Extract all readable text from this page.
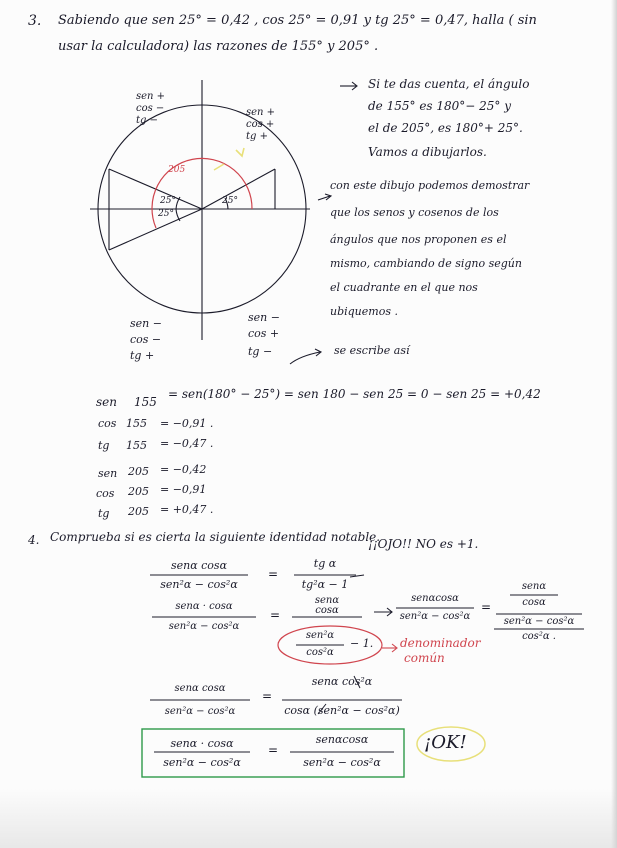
3. Sabiendo que sen 25° = 0,42 , cos 25° = 0,91 y tg 25° = 0,47, halla ( sin
usar la calculadora) las razones de 155° y 205° .
sen +
cos −
tg −
sen +
cos +
tg +
sen −
cos −
tg +
sen −
cos +
tg −
205
25°
25°
25°
Si te das cuenta, el ángulo
de 155° es 180°− 25° y
el de 205°, es 180°+ 25°.
Vamos a dibujarlos.
con este dibujo podemos demostrar
que los senos y cosenos de los
ángulos que nos proponen es el
mismo, cambiando de signo según
el cuadrante en el que nos
ubiquemos .
se escribe así
sen 155
= sen(180° − 25°) = sen 180 − sen 25 = 0 − sen 25 = +0,42
cos 155 = −0,91 .
tg 155 = −0,47 .
sen 205 = −0,42
cos 205 = −0,91
tg 205 = +0,47 .
4. Comprueba si es cierta la siguiente identidad notable.
senα cosα
sen²α − cos²α
=
tg α
tg²α − 1
¡¡OJO!! NO es +1.
senα · cosα
sen²α − cos²α
=
senα
cosα
sen²α
cos²α
− 1.
senαcosα
sen²α − cos²α
=
senα
cosα
sen²α − cos²α
cos²α .
denominador
común
senα cosα
sen²α − cos²α
=
senα cos²α
cosα (sen²α − cos²α)
senα · cosα
sen²α − cos²α
=
senαcosα
sen²α − cos²α
¡OK!
